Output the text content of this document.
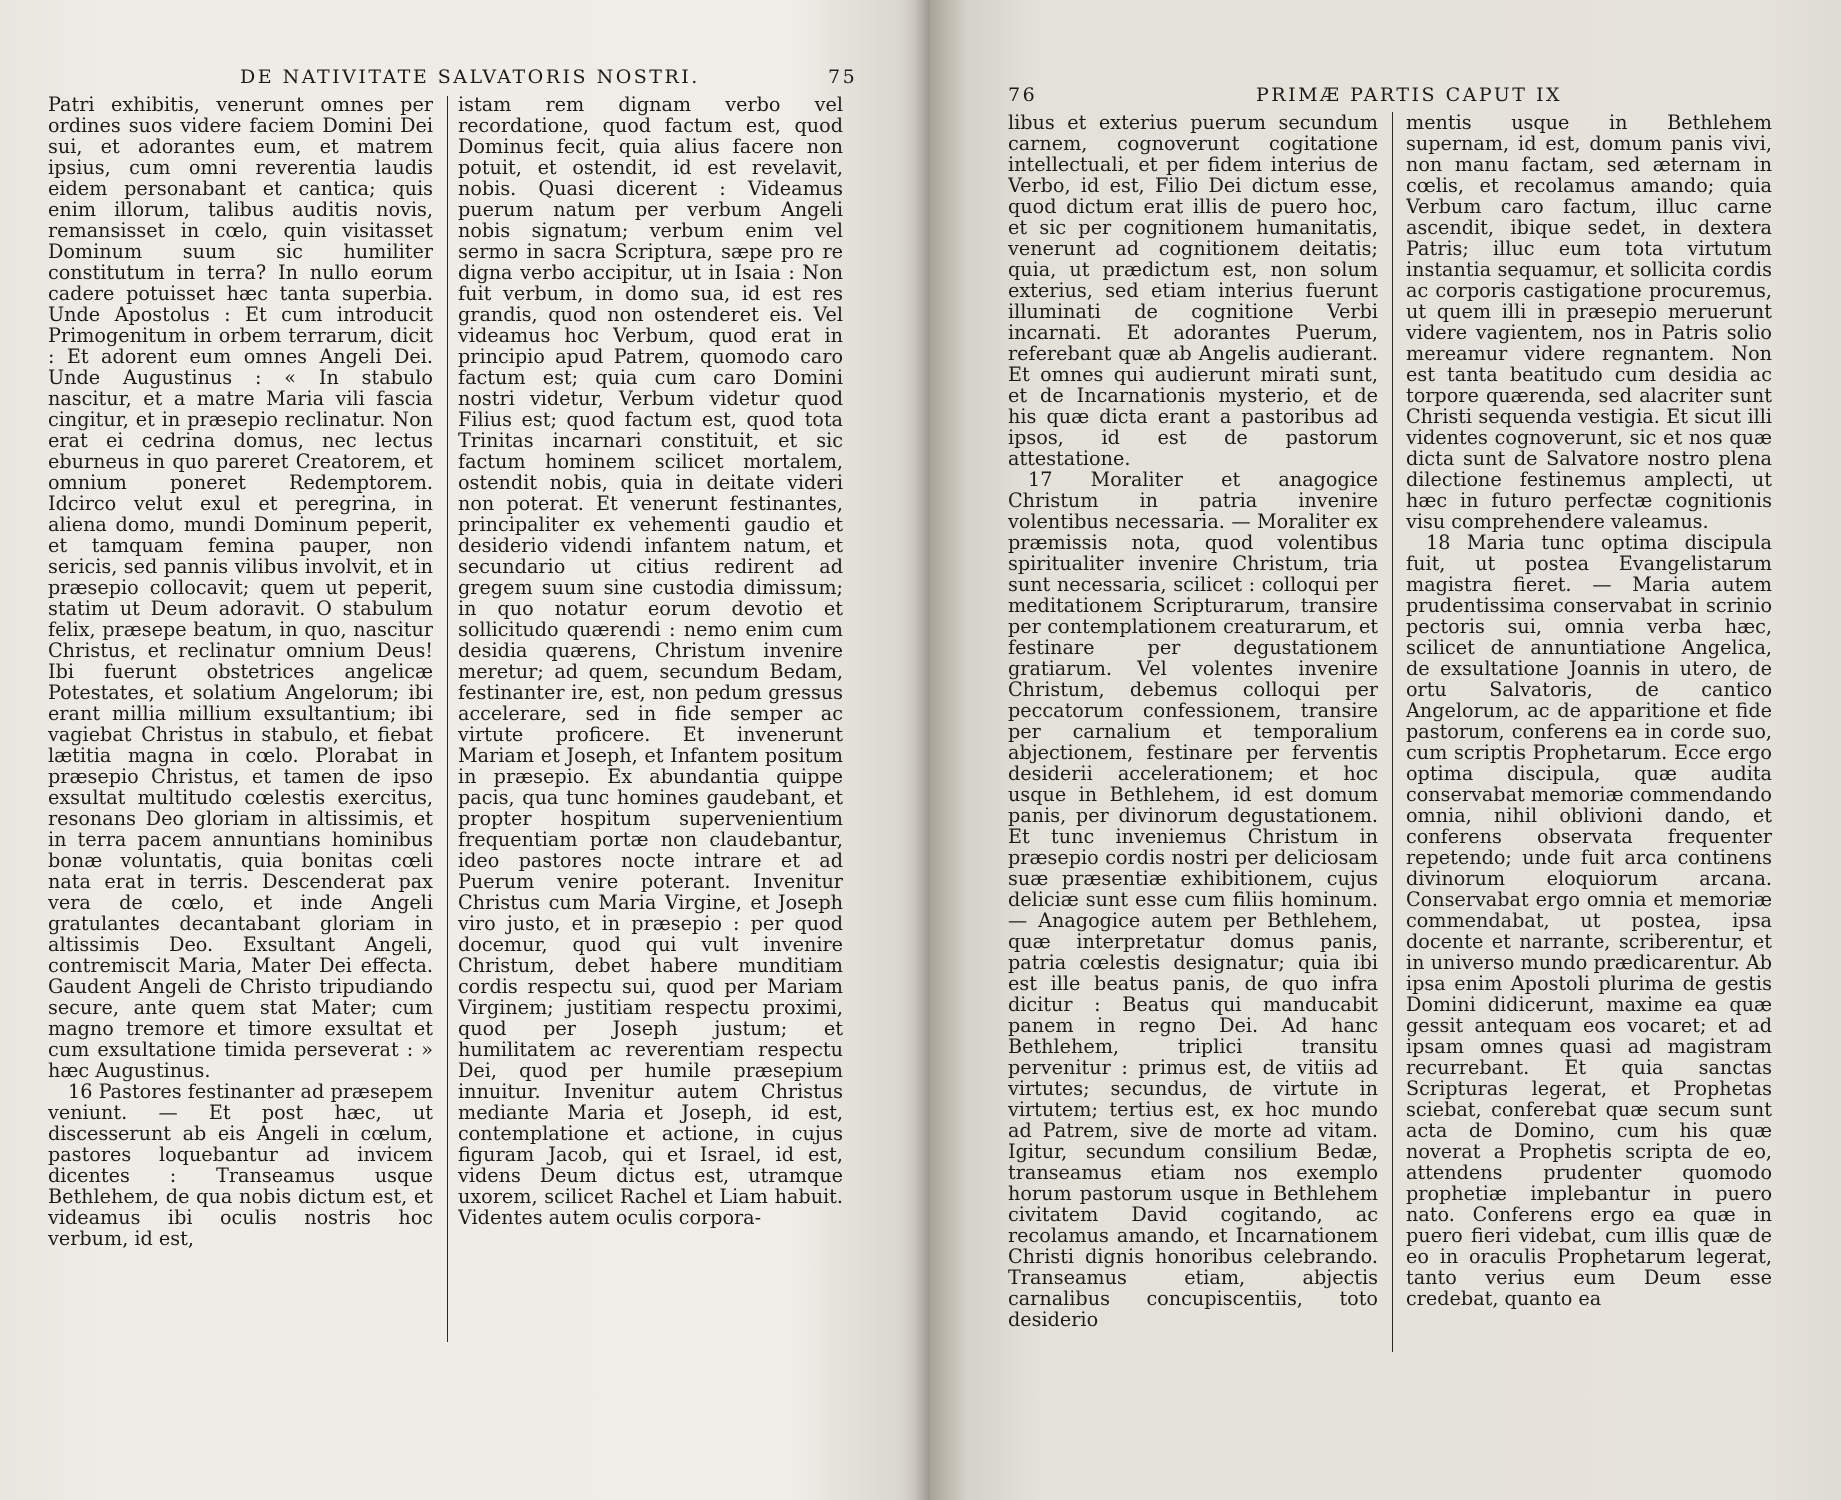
DE NATIVITATE SALVATORIS NOSTRI.	75
Patri exhibitis, venerunt omnes per ordines suos videre faciem Domini Dei sui, et adorantes eum, et matrem ipsius, cum omni reverentia laudis eidem personabant et cantica; quis enim illorum, talibus auditis novis, remansisset in cœlo, quin visitasset Dominum suum sic humiliter constitutum in terra? In nullo eorum cadere potuisset hæc tanta superbia. Unde Apostolus : Et cum introducit Primogenitum in orbem terrarum, dicit : Et adorent eum omnes Angeli Dei. Unde Augustinus : « In stabulo nascitur, et a matre Maria vili fascia cingitur, et in præsepio reclinatur. Non erat ei cedrina domus, nec lectus eburneus in quo pareret Creatorem, et omnium poneret Redemptorem. Idcirco velut exul et peregrina, in aliena domo, mundi Dominum peperit, et tamquam femina pauper, non sericis, sed pannis vilibus involvit, et in præsepio collocavit; quem ut peperit, statim ut Deum adoravit. O stabulum felix, præsepe beatum, in quo, nascitur Christus, et reclinatur omnium Deus! Ibi fuerunt obstetrices angelicæ Potestates, et solatium Angelorum; ibi erant millia millium exsultantium; ibi vagiebat Christus in stabulo, et fiebat lætitia magna in cœlo. Plorabat in præsepio Christus, et tamen de ipso exsultat multitudo cœlestis exercitus, resonans Deo gloriam in altissimis, et in terra pacem annuntians hominibus bonæ voluntatis, quia bonitas cœli nata erat in terris. Descenderat pax vera de cœlo, et inde Angeli gratulantes decantabant gloriam in altissimis Deo. Exsultant Angeli, contremiscit Maria, Mater Dei effecta. Gaudent Angeli de Christo tripudiando secure, ante quem stat Mater; cum magno tremore et timore exsultat et cum exsultatione timida perseverat : » hæc Augustinus.
16 Pastores festinanter ad præsepem veniunt. — Et post hæc, ut discesserunt ab eis Angeli in cœlum, pastores loquebantur ad invicem dicentes : Transeamus usque Bethlehem, de qua nobis dictum est, et videamus ibi oculis nostris hoc verbum, id est,
istam rem dignam verbo vel recordatione, quod factum est, quod Dominus fecit, quia alius facere non potuit, et ostendit, id est revelavit, nobis. Quasi dicerent : Videamus puerum natum per verbum Angeli nobis signatum; verbum enim vel sermo in sacra Scriptura, sæpe pro re digna verbo accipitur, ut in Isaia : Non fuit verbum, in domo sua, id est res grandis, quod non ostenderet eis. Vel videamus hoc Verbum, quod erat in principio apud Patrem, quomodo caro factum est; quia cum caro Domini nostri videtur, Verbum videtur quod Filius est; quod factum est, quod tota Trinitas incarnari constituit, et sic factum hominem scilicet mortalem, ostendit nobis, quia in deitate videri non poterat. Et venerunt festinantes, principaliter ex vehementi gaudio et desiderio videndi infantem natum, et secundario ut citius redirent ad gregem suum sine custodia dimissum; in quo notatur eorum devotio et sollicitudo quærendi : nemo enim cum desidia quærens, Christum invenire meretur; ad quem, secundum Bedam, festinanter ire, est, non pedum gressus accelerare, sed in fide semper ac virtute proficere. Et invenerunt Mariam et Joseph, et Infantem positum in præsepio. Ex abundantia quippe pacis, qua tunc homines gaudebant, et propter hospitum supervenientium frequentiam portæ non claudebantur, ideo pastores nocte intrare et ad Puerum venire poterant. Invenitur Christus cum Maria Virgine, et Joseph viro justo, et in præsepio : per quod docemur, quod qui vult invenire Christum, debet habere munditiam cordis respectu sui, quod per Mariam Virginem; justitiam respectu proximi, quod per Joseph justum; et humilitatem ac reverentiam respectu Dei, quod per humile præsepium innuitur. Invenitur autem Christus mediante Maria et Joseph, id est, contemplatione et actione, in cujus figuram Jacob, qui et Israel, id est, videns Deum dictus est, utramque uxorem, scilicet Rachel et Liam habuit. Videntes autem oculis corpora-
76	PRIMÆ PARTIS CAPUT IX
libus et exterius puerum secundum carnem, cognoverunt cogitatione intellectuali, et per fidem interius de Verbo, id est, Filio Dei dictum esse, quod dictum erat illis de puero hoc, et sic per cognitionem humanitatis, venerunt ad cognitionem deitatis; quia, ut prædictum est, non solum exterius, sed etiam interius fuerunt illuminati de cognitione Verbi incarnati. Et adorantes Puerum, referebant quæ ab Angelis audierant. Et omnes qui audierunt mirati sunt, et de Incarnationis mysterio, et de his quæ dicta erant a pastoribus ad ipsos, id est de pastorum attestatione.
17 Moraliter et anagogice Christum in patria invenire volentibus necessaria. — Moraliter ex præmissis nota, quod volentibus spiritualiter invenire Christum, tria sunt necessaria, scilicet : colloqui per meditationem Scripturarum, transire per contemplationem creaturarum, et festinare per degustationem gratiarum. Vel volentes invenire Christum, debemus colloqui per peccatorum confessionem, transire per carnalium et temporalium abjectionem, festinare per ferventis desiderii accelerationem; et hoc usque in Bethlehem, id est domum panis, per divinorum degustationem. Et tunc inveniemus Christum in præsepio cordis nostri per deliciosam suæ præsentiæ exhibitionem, cujus deliciæ sunt esse cum filiis hominum. — Anagogice autem per Bethlehem, quæ interpretatur domus panis, patria cœlestis designatur; quia ibi est ille beatus panis, de quo infra dicitur : Beatus qui manducabit panem in regno Dei. Ad hanc Bethlehem, triplici transitu pervenitur : primus est, de vitiis ad virtutes; secundus, de virtute in virtutem; tertius est, ex hoc mundo ad Patrem, sive de morte ad vitam. Igitur, secundum consilium Bedæ, transeamus etiam nos exemplo horum pastorum usque in Bethlehem civitatem David cogitando, ac recolamus amando, et Incarnationem Christi dignis honoribus celebrando. Transeamus etiam, abjectis carnalibus concupiscentiis, toto desiderio
mentis usque in Bethlehem supernam, id est, domum panis vivi, non manu factam, sed æternam in cœlis, et recolamus amando; quia Verbum caro factum, illuc carne ascendit, ibique sedet, in dextera Patris; illuc eum tota virtutum instantia sequamur, et sollicita cordis ac corporis castigatione procuremus, ut quem illi in præsepio meruerunt videre vagientem, nos in Patris solio mereamur videre regnantem. Non est tanta beatitudo cum desidia ac torpore quærenda, sed alacriter sunt Christi sequenda vestigia. Et sicut illi videntes cognoverunt, sic et nos quæ dicta sunt de Salvatore nostro plena dilectione festinemus amplecti, ut hæc in futuro perfectæ cognitionis visu comprehendere valeamus.
18 Maria tunc optima discipula fuit, ut postea Evangelistarum magistra fieret. — Maria autem prudentissima conservabat in scrinio pectoris sui, omnia verba hæc, scilicet de annuntiatione Angelica, de exsultatione Joannis in utero, de ortu Salvatoris, de cantico Angelorum, ac de apparitione et fide pastorum, conferens ea in corde suo, cum scriptis Prophetarum. Ecce ergo optima discipula, quæ audita conservabat memoriæ commendando omnia, nihil oblivioni dando, et conferens observata frequenter repetendo; unde fuit arca continens divinorum eloquiorum arcana. Conservabat ergo omnia et memoriæ commendabat, ut postea, ipsa docente et narrante, scriberentur, et in universo mundo prædicarentur. Ab ipsa enim Apostoli plurima de gestis Domini didicerunt, maxime ea quæ gessit antequam eos vocaret; et ad ipsam omnes quasi ad magistram recurrebant. Et quia sanctas Scripturas legerat, et Prophetas sciebat, conferebat quæ secum sunt acta de Domino, cum his quæ noverat a Prophetis scripta de eo, attendens prudenter quomodo prophetiæ implebantur in puero nato. Conferens ergo ea quæ in puero fieri videbat, cum illis quæ de eo in oraculis Prophetarum legerat, tanto verius eum Deum esse credebat, quanto ea
